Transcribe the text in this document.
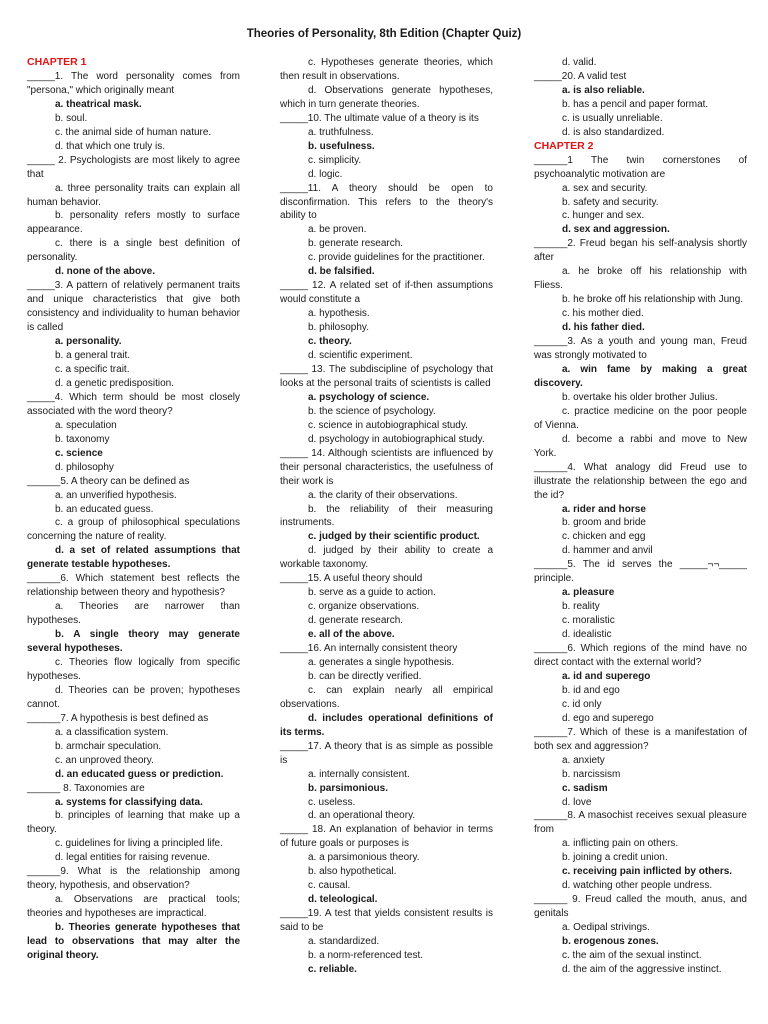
Theories of Personality, 8th Edition (Chapter Quiz)

CHAPTER 1

_____1. The word personality comes from "persona," which originally meant

a. theatrical mask.

b. soul.

c. the animal side of human nature.

d. that which one truly is.

_____ 2. Psychologists are most likely to agree that

a. three personality traits can explain all human behavior.

b. personality refers mostly to surface appearance.

c. there is a single best definition of personality.

d. none of the above.

_____3. A pattern of relatively permanent traits and unique characteristics that give both consistency and individuality to human behavior is called

a. personality.

b. a general trait.

c. a specific trait.

d. a genetic predisposition.

_____4. Which term should be most closely associated with the word theory?

a. speculation

b. taxonomy

c. science

d. philosophy

______5. A theory can be defined as

a. an unverified hypothesis.

b. an educated guess.

c. a group of philosophical speculations concerning the nature of reality.

d. a set of related assumptions that generate testable hypotheses.

______6. Which statement best reflects the relationship between theory and hypothesis?

a. Theories are narrower than hypotheses.

b. A single theory may generate several hypotheses.

c. Theories flow logically from specific hypotheses.

d. Theories can be proven; hypotheses cannot.

______7. A hypothesis is best defined as

a. a classification system.

b. armchair speculation.

c. an unproved theory.

d. an educated guess or prediction.

______ 8. Taxonomies are

a. systems for classifying data.

b. principles of learning that make up a theory.

c. guidelines for living a principled life.

d. legal entities for raising revenue.

______9. What is the relationship among theory, hypothesis, and observation?

a. Observations are practical tools; theories and hypotheses are impractical.

b. Theories generate hypotheses that lead to observations that may alter the original theory.

c. Hypotheses generate theories, which then result in observations.

d. Observations generate hypotheses, which in turn generate theories.

_____10. The ultimate value of a theory is its

a. truthfulness.

b. usefulness.

c. simplicity.

d. logic.

_____11. A theory should be open to disconfirmation. This refers to the theory's ability to

a. be proven.

b. generate research.

c. provide guidelines for the practitioner.

d. be falsified.

_____ 12. A related set of if-then assumptions would constitute a

a. hypothesis.

b. philosophy.

c. theory.

d. scientific experiment.

_____ 13. The subdiscipline of psychology that looks at the personal traits of scientists is called

a. psychology of science.

b. the science of psychology.

c. science in autobiographical study.

d. psychology in autobiographical study.

_____ 14. Although scientists are influenced by their personal characteristics, the usefulness of their work is

a. the clarity of their observations.

b. the reliability of their measuring instruments.

c. judged by their scientific product.

d. judged by their ability to create a workable taxonomy.

_____15. A useful theory should

b. serve as a guide to action.

c. organize observations.

d. generate research.

e. all of the above.

_____16. An internally consistent theory

a. generates a single hypothesis.

b. can be directly verified.

c. can explain nearly all empirical observations.

d. includes operational definitions of its terms.

_____17. A theory that is as simple as possible is

a. internally consistent.

b. parsimonious.

c. useless.

d. an operational theory.

_____ 18. An explanation of behavior in terms of future goals or purposes is

a. a parsimonious theory.

b. also hypothetical.

c. causal.

d. teleological.

_____19. A test that yields consistent results is said to be

a. standardized.

b. a norm-referenced test.

c. reliable.

d. valid.

_____20. A valid test

a. is also reliable.

b. has a pencil and paper format.

c. is usually unreliable.

d. is also standardized.

CHAPTER 2

______1 The twin cornerstones of psychoanalytic motivation are

a. sex and security.

b. safety and security.

c. hunger and sex.

d. sex and aggression.

______2. Freud began his self-analysis shortly after

a. he broke off his relationship with Fliess.

b. he broke off his relationship with Jung.

c. his mother died.

d. his father died.

______3. As a youth and young man, Freud was strongly motivated to

a. win fame by making a great discovery.

b. overtake his older brother Julius.

c. practice medicine on the poor people of Vienna.

d. become a rabbi and move to New York.

______4. What analogy did Freud use to illustrate the relationship between the ego and the id?

a. rider and horse

b. groom and bride

c. chicken and egg

d. hammer and anvil

______5. The id serves the _____¬¬_____ principle.

a. pleasure

b. reality

c. moralistic

d. idealistic

______6. Which regions of the mind have no direct contact with the external world?

a. id and superego

b. id and ego

c. id only

d. ego and superego

______7. Which of these is a manifestation of both sex and aggression?

a. anxiety

b. narcissism

c. sadism

d. love

______8. A masochist receives sexual pleasure from

a. inflicting pain on others.

b. joining a credit union.

c. receiving pain inflicted by others.

d. watching other people undress.

______ 9. Freud called the mouth, anus, and genitals

a. Oedipal strivings.

b. erogenous zones.

c. the aim of the sexual instinct.

d. the aim of the aggressive instinct.
